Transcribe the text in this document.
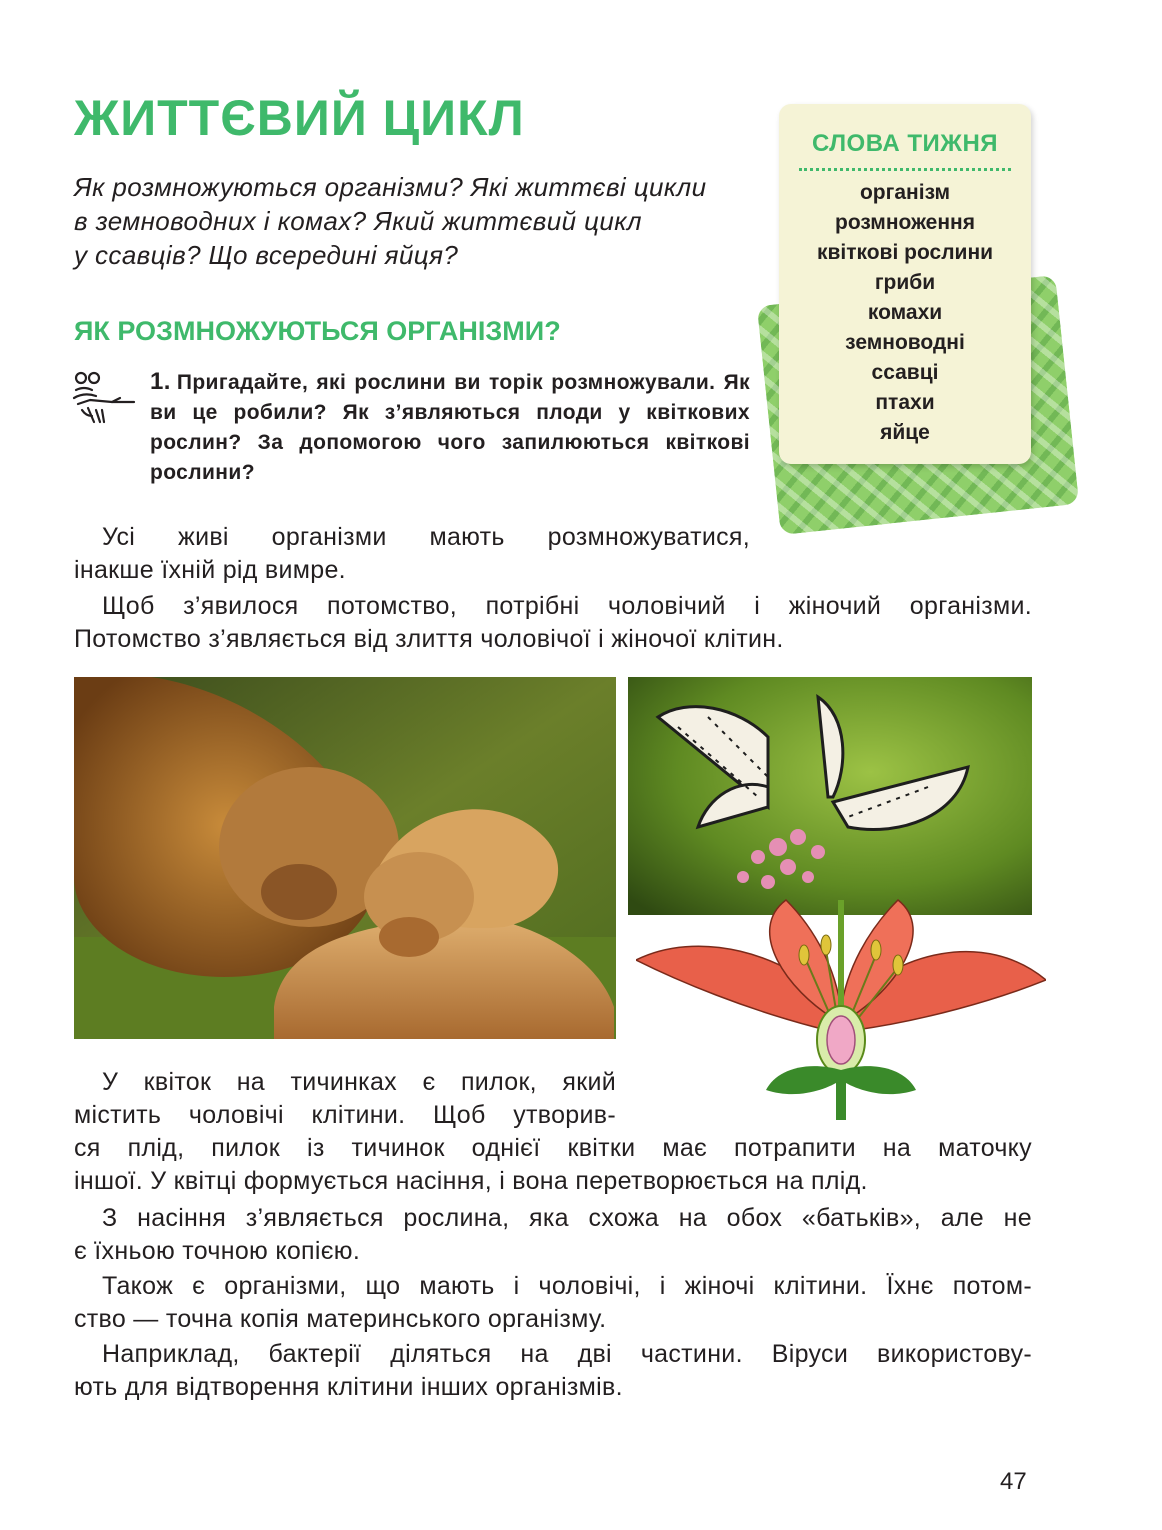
ЖИТТЄВИЙ ЦИКЛ
Як розмножуються організми? Які життєві цикли
в земноводних і комах? Який життєвий цикл
у ссавців? Що всередині яйця?
СЛОВА ТИЖНЯ
організм
розмноження
квіткові рослини
гриби
комахи
земноводні
ссавці
птахи
яйце
ЯК РОЗМНОЖУЮТЬСЯ ОРГАНІЗМИ?
1. Пригадайте, які рослини ви торік розмножували. Як ви це робили? Як з’являються плоди у квіткових рослин? За допомогою чого запилюються квіткові рослини?
Усі живі організми мають розмножуватися,
інакше їхній рід вимре.
Щоб з’явилося потомство, потрібні чоловічий і жіночий організми.
Потомство з’являється від злиття чоловічої і жіночої клітин.
У квіток на тичинках є пилок, який
містить чоловічі клітини. Щоб утворив-
ся плід, пилок із тичинок однієї квітки має потрапити на маточку
іншої. У квітці формується насіння, і вона перетворюється на плід.
З насіння з’являється рослина, яка схожа на обох «батьків», але не
є їхньою точною копією.
Також є організми, що мають і чоловічі, і жіночі клітини. Їхнє потом-
ство — точна копія материнського організму.
Наприклад, бактерії діляться на дві частини. Віруси використову-
ють для відтворення клітини інших організмів.
47
